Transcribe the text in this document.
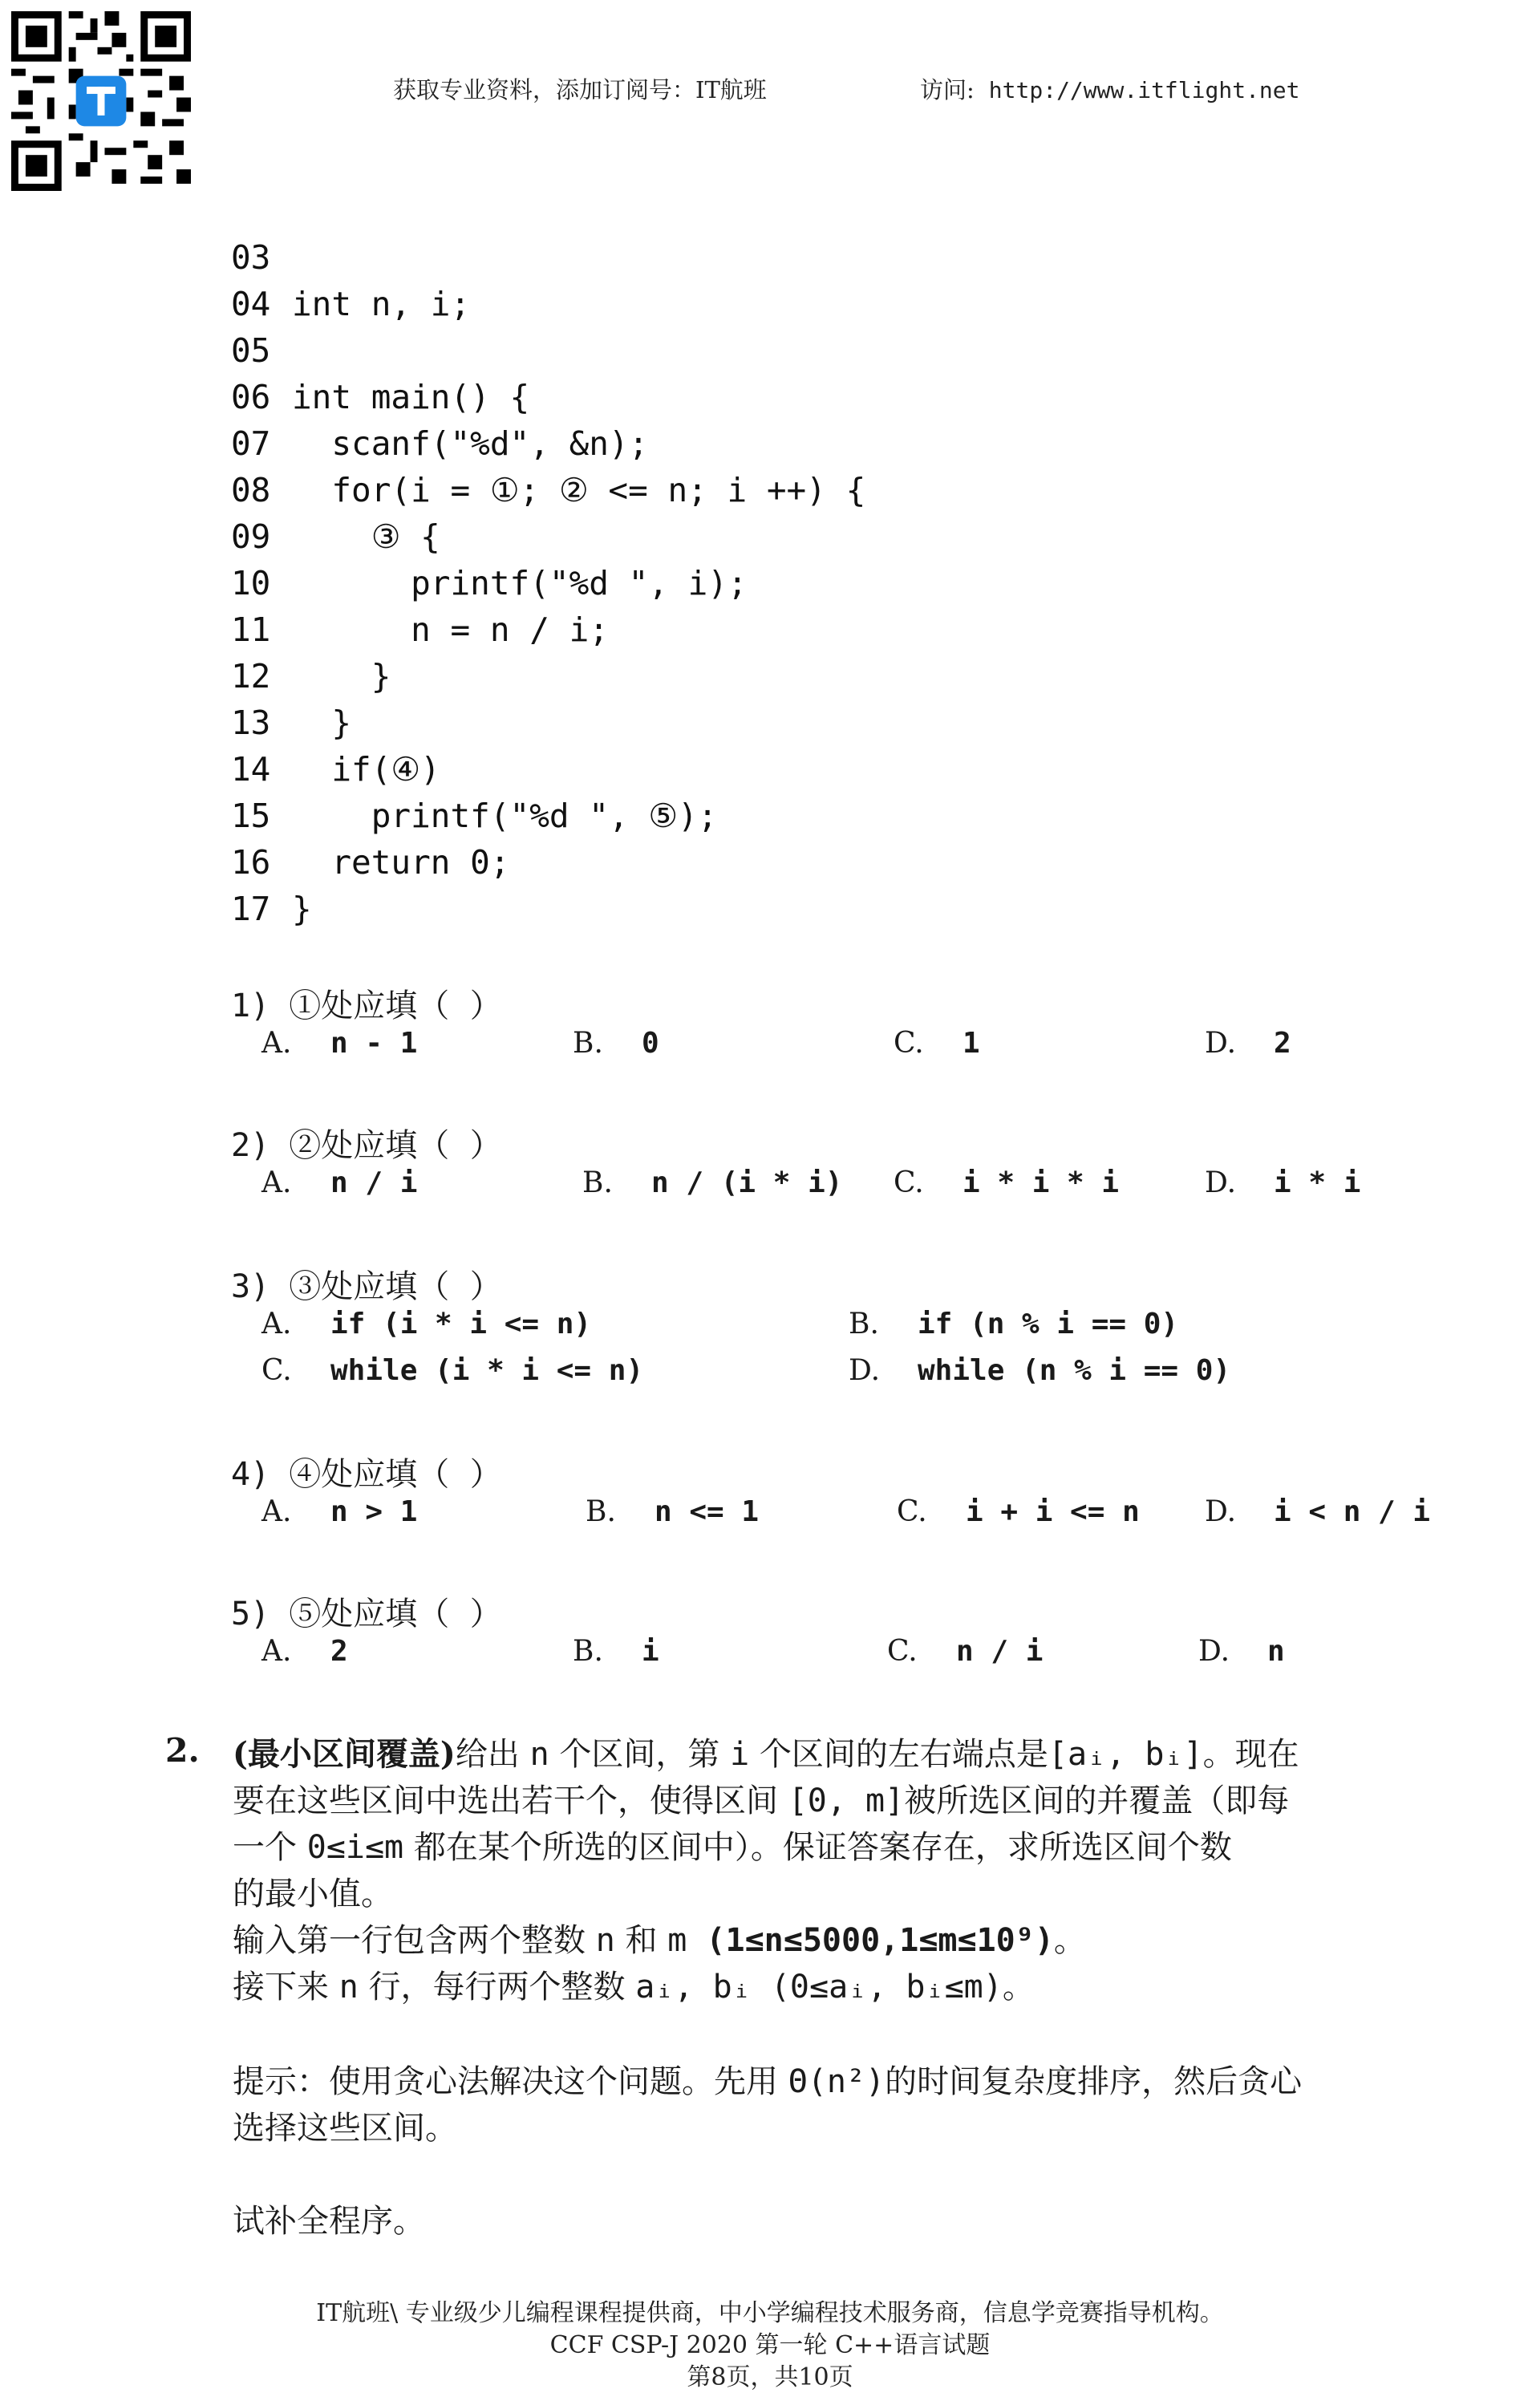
获取专业资料，添加订阅号：IT航班	访问: http://www.itflight.net
03
04 int n, i;
05
06 int main() {
07  scanf("%d", &n);
08  for(i = ①; ② <= n; i ++) {
09    ③ {
10      printf("%d ", i);
11      n = n / i;
12    }
13  }
14  if(④)
15    printf("%d ", ⑤);
16  return 0;
17 }
1) ①处应填（  ）
A. n - 1	B. 0	C. 1	D. 2
2) ②处应填（  ）
A. n / i	B. n / (i * i) C. i * i * i	D. i * i
3) ③处应填（  ）
A. if (i * i <= n)	B. if (n % i == 0)
C. while (i * i <= n)	D. while (n % i == 0)
4) ④处应填（  ）
A. n > 1	B. n <= 1	C. i + i <= n D. i < n / i
5) ⑤处应填（  ）
A. 2	B. i	C. n / i	D. n
2. (最小区间覆盖)给出 n 个区间，第 i 个区间的左右端点是[aᵢ, bᵢ]。现在
要在这些区间中选出若干个，使得区间 [0, m]被所选区间的并覆盖（即每
一个 0≤i≤m 都在某个所选的区间中）。保证答案存在，求所选区间个数
的最小值。
输入第一行包含两个整数 n 和 m (1≤n≤5000,1≤m≤10⁹)。
接下来 n 行，每行两个整数 aᵢ, bᵢ (0≤aᵢ, bᵢ≤m)。
提示：使用贪心法解决这个问题。先用 Θ(n²)的时间复杂度排序，然后贪心
选择这些区间。
试补全程序。
IT航班\ 专业级少儿编程课程提供商，中小学编程技术服务商，信息学竞赛指导机构。
CCF CSP-J 2020 第一轮 C++语言试题
第8页，共10页
